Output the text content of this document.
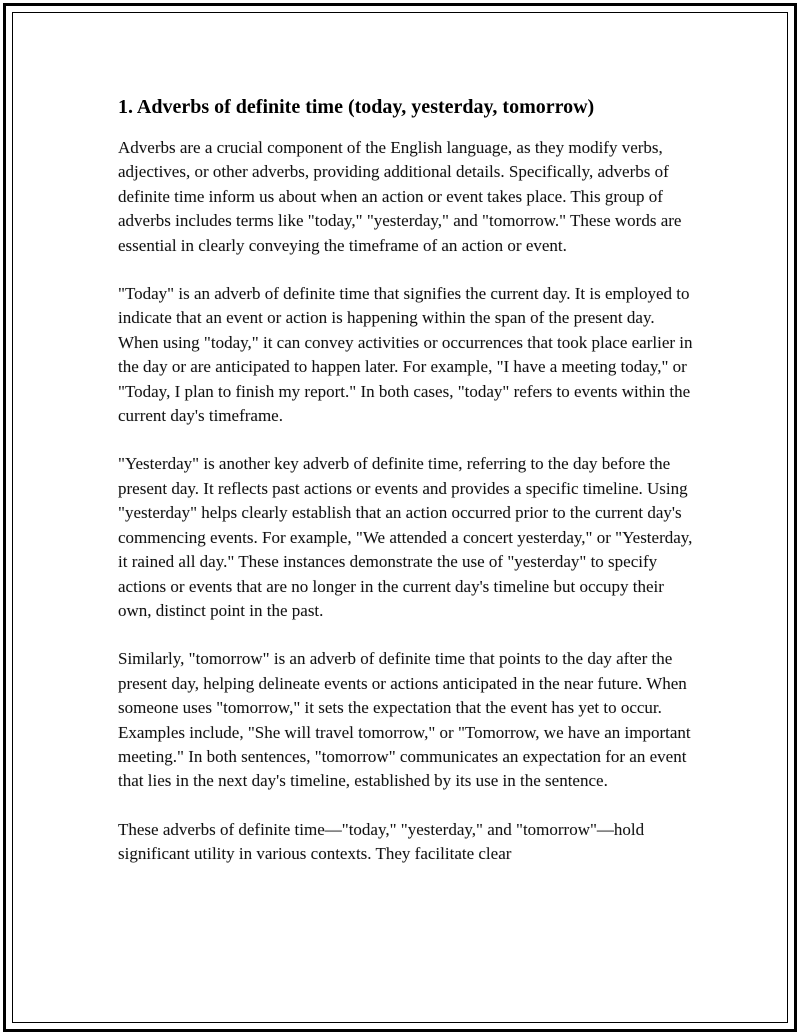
1. Adverbs of definite time (today, yesterday, tomorrow)

Adverbs are a crucial component of the English language, as they modify verbs, adjectives, or other adverbs, providing additional details. Specifically, adverbs of definite time inform us about when an action or event takes place. This group of adverbs includes terms like "today," "yesterday," and "tomorrow." These words are essential in clearly conveying the timeframe of an action or event.

"Today" is an adverb of definite time that signifies the current day. It is employed to indicate that an event or action is happening within the span of the present day. When using "today," it can convey activities or occurrences that took place earlier in the day or are anticipated to happen later. For example, "I have a meeting today," or "Today, I plan to finish my report." In both cases, "today" refers to events within the current day's timeframe.

"Yesterday" is another key adverb of definite time, referring to the day before the present day. It reflects past actions or events and provides a specific timeline. Using "yesterday" helps clearly establish that an action occurred prior to the current day's commencing events. For example, "We attended a concert yesterday," or "Yesterday, it rained all day." These instances demonstrate the use of "yesterday" to specify actions or events that are no longer in the current day's timeline but occupy their own, distinct point in the past.

Similarly, "tomorrow" is an adverb of definite time that points to the day after the present day, helping delineate events or actions anticipated in the near future. When someone uses "tomorrow," it sets the expectation that the event has yet to occur. Examples include, "She will travel tomorrow," or "Tomorrow, we have an important meeting." In both sentences, "tomorrow" communicates an expectation for an event that lies in the next day's timeline, established by its use in the sentence.

These adverbs of definite time—"today," "yesterday," and "tomorrow"—hold significant utility in various contexts. They facilitate clear
